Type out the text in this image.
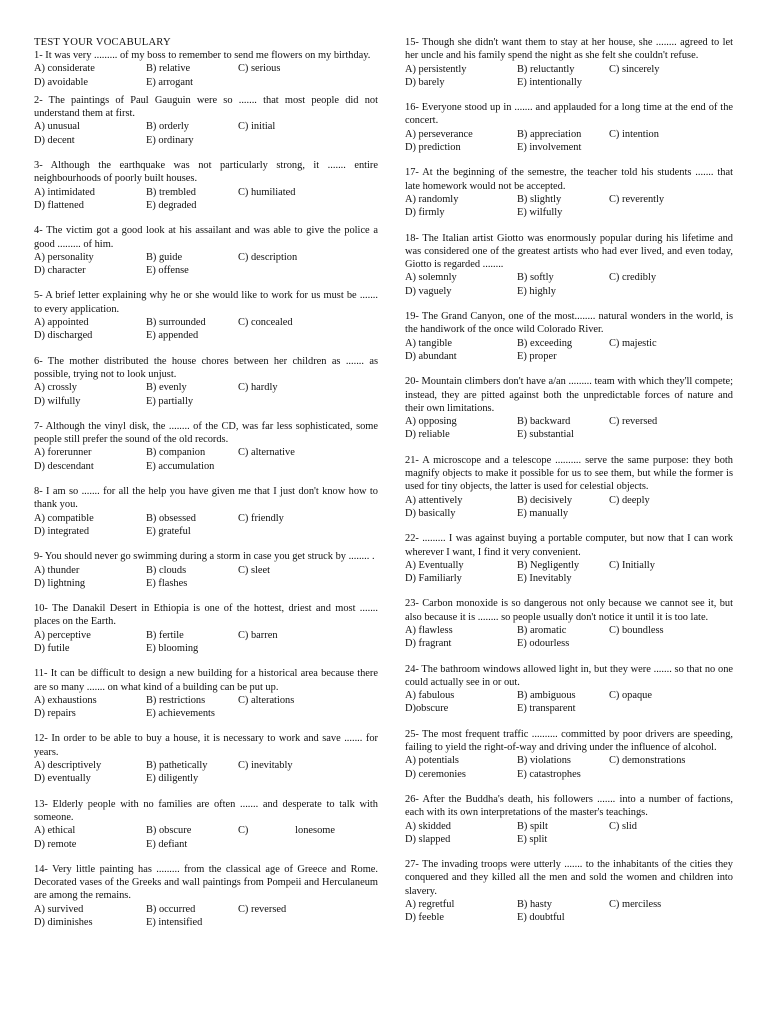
TEST YOUR VOCABULARY
1- It was very ......... of my boss to remember to send me flowers on my birthday.
A) considerate	B) relative	C) serious
D) avoidable	E) arrogant
2- The paintings of Paul Gauguin were so ....... that most people did not understand them at first.
A) unusual	B) orderly	C) initial
D) decent	E) ordinary
3- Although the earthquake was not particularly strong, it ....... entire neighbourhoods of poorly built houses.
A) intimidated	B) trembled	C) humiliated
D) flattened	E) degraded
4- The victim got a good look at his assailant and was able to give the police a good ......... of him.
A) personality	B) guide	C) description
D) character	E) offense
5- A brief letter explaining why he or she would like to work for us must be ....... to every application.
A) appointed	B) surrounded	C) concealed
D) discharged	E) appended
6- The mother distributed the house chores between her children as ....... as possible, trying not to look unjust.
A) crossly	B) evenly	C) hardly
D) wilfully	E) partially
7- Although the vinyl disk, the ........ of the CD, was far less sophisticated, some people still prefer the sound of the old records.
A) forerunner	B) companion	C) alternative
D) descendant	E) accumulation
8- I am so ....... for all the help you have given me that I just don't know how to thank you.
A) compatible	B) obsessed	C) friendly
D) integrated	E) grateful
9- You should never go swimming during a storm in case you get struck by ........ .
A) thunder	B) clouds	C) sleet
D) lightning	E) flashes
10- The Danakil Desert in Ethiopia is one of the hottest, driest and most ....... places on the Earth.
A) perceptive	B) fertile	C) barren
D) futile	E) blooming
11- It can be difficult to design a new building for a historical area because there are so many ....... on what kind of a building can be put up.
A) exhaustions	B) restrictions	C) alterations
D) repairs	E) achievements
12- In order to be able to buy a house, it is necessary to work and save ....... for years.
A) descriptively	B) pathetically	C) inevitably
D) eventually	E) diligently
13- Elderly people with no families are often ....... and desperate to talk with someone.
A) ethical	B) obscure	C)                  lonesome
D) remote	E) defiant
14- Very little painting has ......... from the classical age of Greece and Rome. Decorated vases of the Greeks and wall paintings from Pompeii and Herculaneum are among the remains.
A) survived	B) occurred	C) reversed
D) diminishes	E) intensified
15- Though she didn't want them to stay at her house, she ........ agreed to let her uncle and his family spend the night as she felt she couldn't refuse.
A) persistently	B) reluctantly	C) sincerely
D) barely	E) intentionally
16- Everyone stood up in ....... and applauded for a long time at the end of the concert.
A) perseverance	B) appreciation	C) intention
D) prediction	E) involvement
17- At the beginning of the semestre, the teacher told his students ....... that late homework would not be accepted.
A) randomly	B) slightly	C) reverently
D) firmly	E) wilfully
18- The Italian artist Giotto was enormously popular during his lifetime and was considered one of the greatest artists who had ever lived, and even today, Giotto is regarded ........
A) solemnly	B) softly	C) credibly
D) vaguely	E) highly
19- The Grand Canyon, one of the most........ natural wonders in the world, is the handiwork of the once wild Colorado River.
A) tangible	B) exceeding	C) majestic
D) abundant	E) proper
20- Mountain climbers don't have a/an ......... team with which they'll compete; instead, they are pitted against both the unpredictable forces of nature and their own limitations.
A) opposing	B) backward	C) reversed
D) reliable	E) substantial
21- A microscope and a telescope .......... serve the same purpose: they both magnify objects to make it possible for us to see them, but while the former is used for tiny objects, the latter is used for celestial objects.
A) attentively	B) decisively	C) deeply
D) basically	E) manually
22- ......... I was against buying a portable computer, but now that I can work wherever I want, I find it very convenient.
A) Eventually	B) Negligently	C) Initially
D) Familiarly	E) Inevitably
23- Carbon monoxide is so dangerous not only because we cannot see it, but also because it is ........ so people usually don't notice it until it is too late.
A) flawless	B) aromatic	C) boundless
D) fragrant	E) odourless
24- The bathroom windows allowed light in, but they were ....... so that no one could actually see in or out.
A) fabulous	B) ambiguous	C) opaque
D)obscure	E) transparent
25- The most frequent traffic .......... committed by poor drivers are speeding, failing to yield the right-of-way and driving under the influence of alcohol.
A) potentials	B) violations	C) demonstrations
D) ceremonies	E) catastrophes
26- After the Buddha's death, his followers ....... into a number of factions, each with its own interpretations of the master's teachings.
A) skidded	B) spilt	C) slid
D) slapped	E) split
27- The invading troops were utterly ....... to the inhabitants of the cities they conquered and they killed all the men and sold the women and children into slavery.
A) regretful	B) hasty	C) merciless
D) feeble	E) doubtful
